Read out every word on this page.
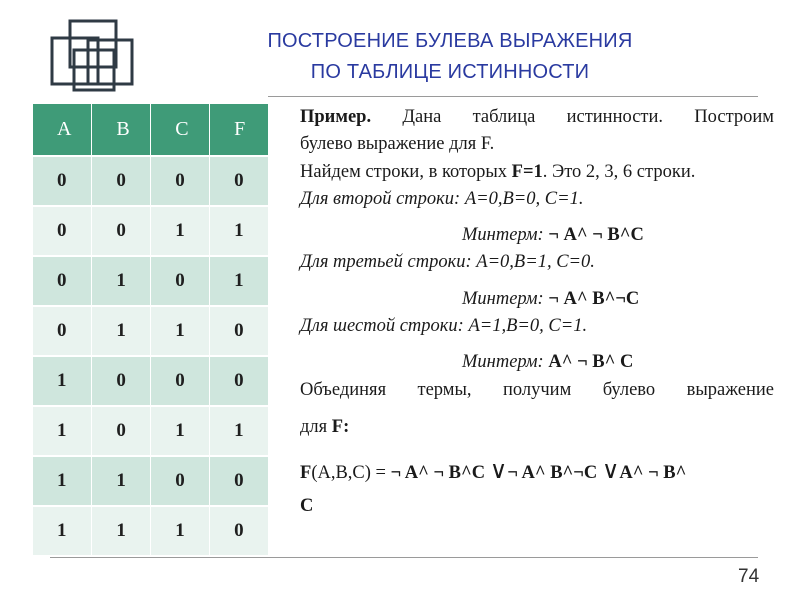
ПОСТРОЕНИЕ БУЛЕВА ВЫРАЖЕНИЯ
ПО ТАБЛИЦЕ ИСТИННОСТИ
A	B	C	F
0	0	0	0
0	0	1	1
0	1	0	1
0	1	1	0
1	0	0	0
1	0	1	1
1	1	0	0
1	1	1	0

Пример. Дана таблица истинности. Построим

булево выражение для F.

Найдем строки, в которых F=1. Это 2, 3, 6 строки.

Для второй строки: A=0,B=0, C=1.

Минтерм: ¬ A^ ¬ B^C

Для третьей строки: A=0,B=1, C=0.

Минтерм: ¬ A^ B^¬C

Для шестой строки: A=1,B=0, C=1.

Минтерм: A^ ¬ B^ C

Объединяя термы, получим булево выражение

для F:

F(A,B,C) = ¬ A^ ¬ B^C ∨¬ A^ B^¬C ∨A^ ¬ B^
C

74
